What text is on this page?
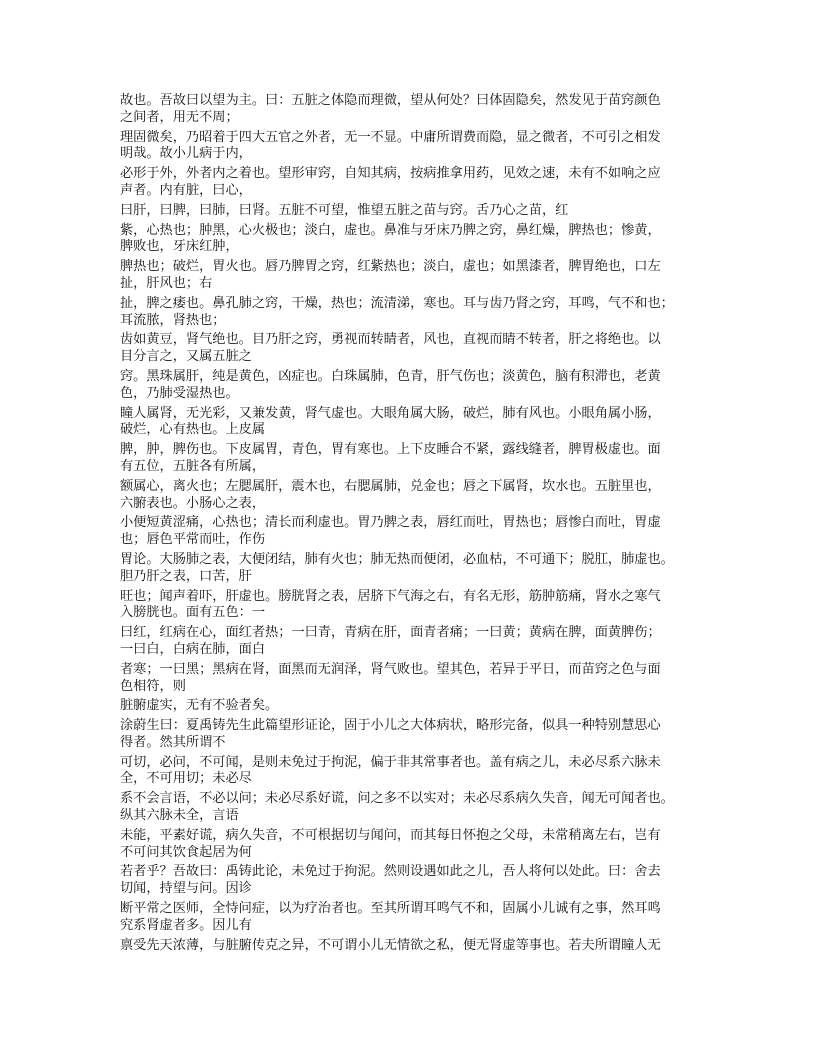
故也。吾故曰以望为主。曰：五脏之体隐而理微，望从何处？曰体固隐矣，然发见于苗窍颜色
之间者，用无不周；
理固微矣，乃昭着于四大五官之外者，无一不显。中庸所谓费而隐，显之微者，不可引之相发
明哉。故小儿病于内，
必形于外，外者内之着也。望形审窍，自知其病，按病推拿用药，见效之速，未有不如响之应
声者。内有脏，曰心，
曰肝，曰脾，曰肺，曰肾。五脏不可望，惟望五脏之苗与窍。舌乃心之苗，红
紫，心热也；肿黑，心火极也；淡白，虚也。鼻准与牙床乃脾之窍，鼻红燥，脾热也；惨黄，
脾败也，牙床红肿，
脾热也；破烂，胃火也。唇乃脾胃之窍，红紫热也；淡白，虚也；如黑漆者，脾胃绝也，口左
扯，肝风也；右
扯，脾之痿也。鼻孔肺之窍，干燥，热也；流清涕，寒也。耳与齿乃肾之窍，耳鸣，气不和也；
耳流脓，肾热也；
齿如黄豆，肾气绝也。目乃肝之窍，勇视而转睛者，风也，直视而睛不转者，肝之将绝也。以
目分言之，又属五脏之
窍。黑珠属肝，纯是黄色，凶症也。白珠属肺，色青，肝气伤也；淡黄色，脑有积滞也，老黄
色，乃肺受湿热也。
瞳人属肾，无光彩，又兼发黄，肾气虚也。大眼角属大肠，破烂，肺有风也。小眼角属小肠，
破烂，心有热也。上皮属
脾，肿，脾伤也。下皮属胃，青色，胃有寒也。上下皮睡合不紧，露线缝者，脾胃极虚也。面
有五位，五脏各有所属，
额属心，离火也；左腮属肝，震木也，右腮属肺，兑金也；唇之下属肾，坎水也。五脏里也，
六腑表也。小肠心之表，
小便短黄涩痛，心热也；清长而利虚也。胃乃脾之表，唇红而吐，胃热也；唇惨白而吐，胃虚
也；唇色平常而吐，作伤
胃论。大肠肺之表，大便闭结，肺有火也；肺无热而便闭，必血枯，不可通下；脱肛，肺虚也。
胆乃肝之表，口苦，肝
旺也；闻声着吓，肝虚也。膀胱肾之表，居脐下气海之右，有名无形，筋肿筋痛，肾水之寒气
入膀胱也。面有五色：一
曰红，红病在心，面红者热；一曰青，青病在肝，面青者痛；一曰黄；黄病在脾，面黄脾伤；
一曰白，白病在肺，面白
者寒；一曰黑；黑病在肾，面黑而无润泽，肾气败也。望其色，若异于平日，而苗窍之色与面
色相符，则
脏腑虚实，无有不验者矣。
涂蔚生曰：夏禹铸先生此篇望形证论，固于小儿之大体病状，略形完备，似具一种特别慧思心
得者。然其所谓不
可切，必问，不可闻，是则未免过于拘泥，偏于非其常事者也。盖有病之儿，未必尽系六脉未
全，不可用切；未必尽
系不会言语，不必以问；未必尽系好谎，问之多不以实对；未必尽系病久失音，闻无可闻者也。
纵其六脉未全，言语
未能，平素好谎，病久失音，不可根据切与闻问，而其每日怀抱之父母，未常稍离左右，岂有
不可问其饮食起居为何
若者乎？吾故曰：禹铸此论，未免过于拘泥。然则设遇如此之儿，吾人将何以处此。曰：舍去
切闻，持望与问。因诊
断平常之医师，全恃问症，以为疗治者也。至其所谓耳鸣气不和，固属小儿诚有之事，然耳鸣
究系肾虚者多。因儿有
禀受先天浓薄，与脏腑传克之异，不可谓小儿无情欲之私，便无肾虚等事也。若夫所谓瞳人无
